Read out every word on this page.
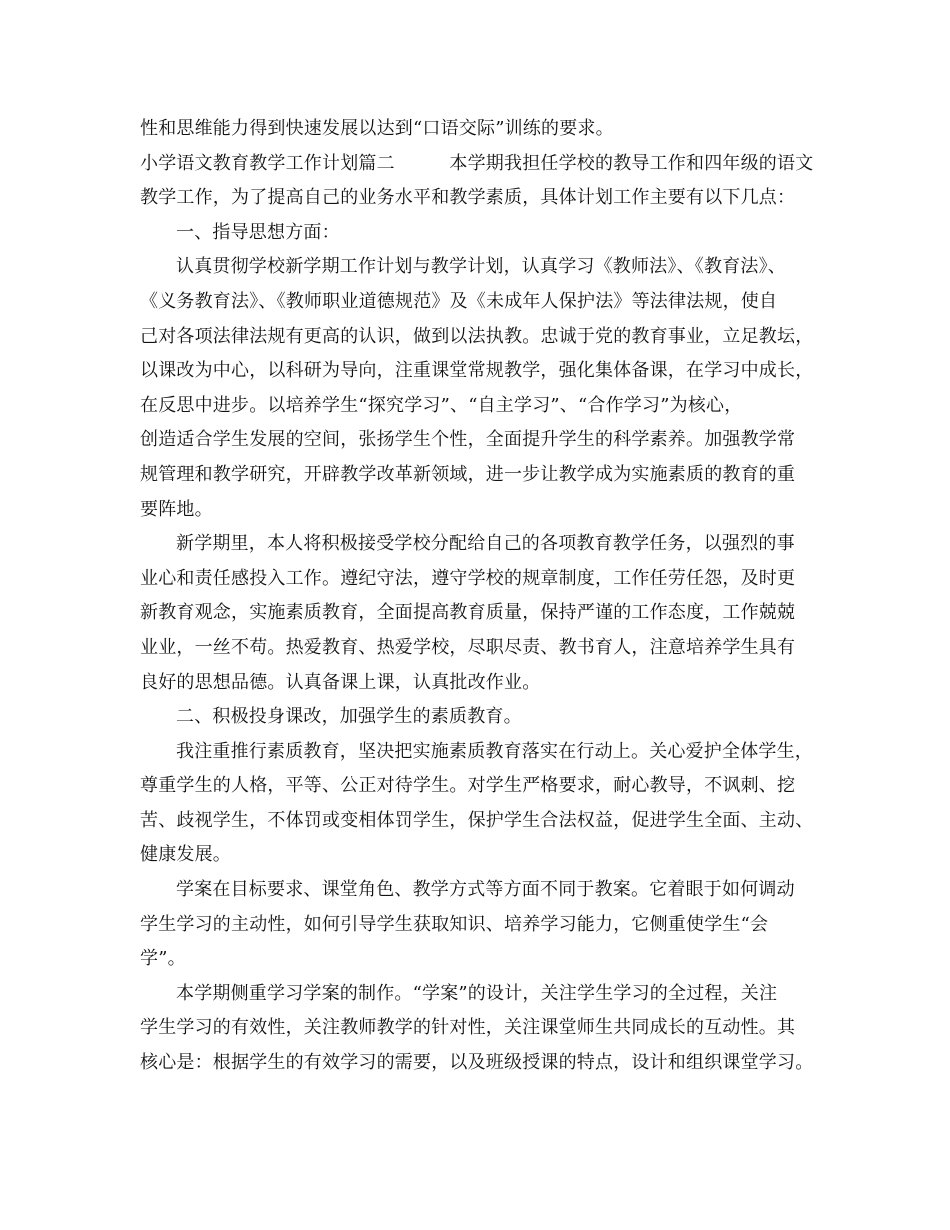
性和思维能力得到快速发展以达到“口语交际”训练的要求。
小学语文教育教学工作计划篇二　　　本学期我担任学校的教导工作和四年级的语文
教学工作，为了提高自己的业务水平和教学素质，具体计划工作主要有以下几点：
一、指导思想方面：
认真贯彻学校新学期工作计划与教学计划，认真学习《教师法》、《教育法》、
《义务教育法》、《教师职业道德规范》及《未成年人保护法》等法律法规，使自
己对各项法律法规有更高的认识，做到以法执教。忠诚于党的教育事业，立足教坛，
以课改为中心，以科研为导向，注重课堂常规教学，强化集体备课，在学习中成长，
在反思中进步。以培养学生“探究学习”、“自主学习”、“合作学习”为核心，
创造适合学生发展的空间，张扬学生个性，全面提升学生的科学素养。加强教学常
规管理和教学研究，开辟教学改革新领域，进一步让教学成为实施素质的教育的重
要阵地。
新学期里，本人将积极接受学校分配给自己的各项教育教学任务，以强烈的事
业心和责任感投入工作。遵纪守法，遵守学校的规章制度，工作任劳任怨，及时更
新教育观念，实施素质教育，全面提高教育质量，保持严谨的工作态度，工作兢兢
业业，一丝不苟。热爱教育、热爱学校，尽职尽责、教书育人，注意培养学生具有
良好的思想品德。认真备课上课，认真批改作业。
二、积极投身课改，加强学生的素质教育。
我注重推行素质教育，坚决把实施素质教育落实在行动上。关心爱护全体学生，
尊重学生的人格，平等、公正对待学生。对学生严格要求，耐心教导，不讽刺、挖
苦、歧视学生，不体罚或变相体罚学生，保护学生合法权益，促进学生全面、主动、
健康发展。
学案在目标要求、课堂角色、教学方式等方面不同于教案。它着眼于如何调动
学生学习的主动性，如何引导学生获取知识、培养学习能力，它侧重使学生“会
学”。
本学期侧重学习学案的制作。“学案”的设计，关注学生学习的全过程，关注
学生学习的有效性，关注教师教学的针对性，关注课堂师生共同成长的互动性。其
核心是：根据学生的有效学习的需要，以及班级授课的特点，设计和组织课堂学习。
